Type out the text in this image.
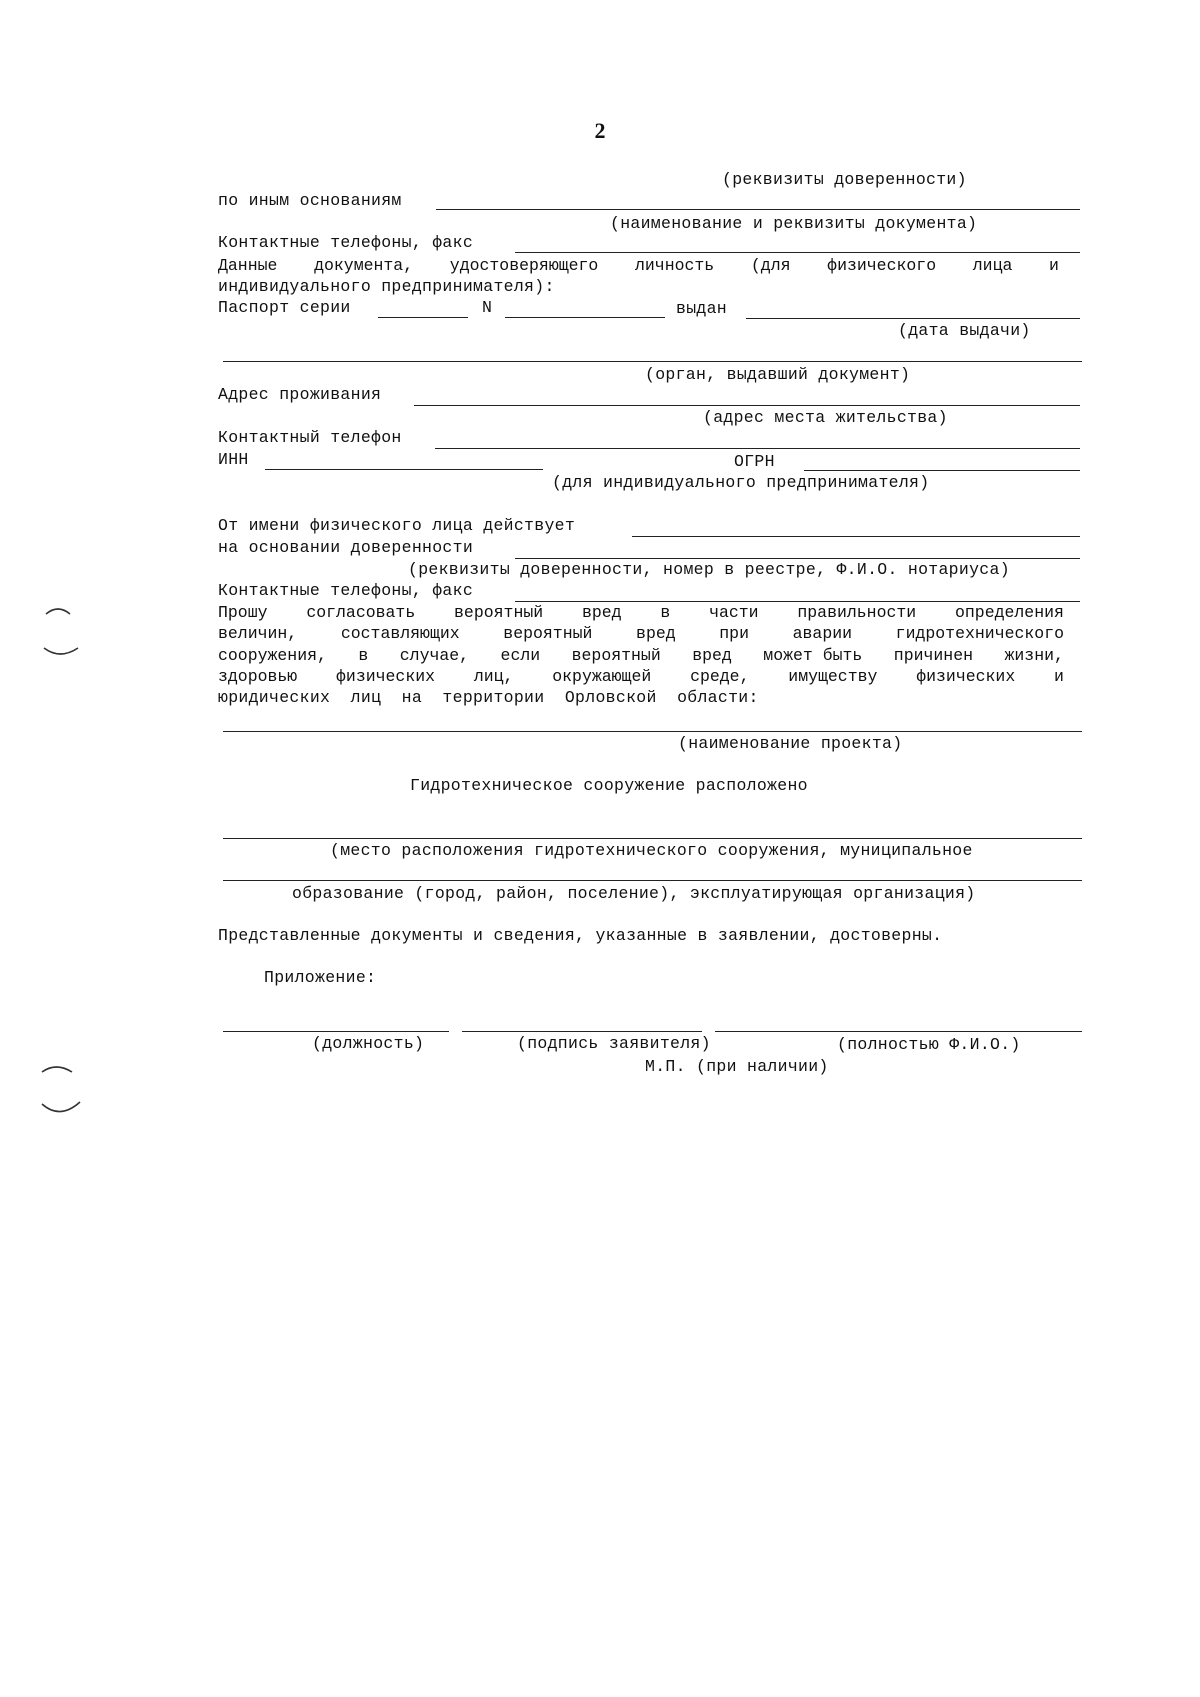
2
(реквизиты доверенности)
по иным основаниям
(наименование и реквизиты документа)
Контактные телефоны, факс
Данные документа, удостоверяющего личность (для физического лица и
индивидуального предпринимателя):
Паспорт серии	N	выдан
(дата выдачи)
(орган, выдавший документ)
Адрес проживания
(адрес места жительства)
Контактный телефон
ИНН	ОГРН
(для индивидуального предпринимателя)
От имени физического лица действует
на основании доверенности
(реквизиты доверенности, номер в реестре, Ф.И.О. нотариуса)
Контактные телефоны, факс
Прошу согласовать вероятный вред в части правильности определения
величин,	составляющих	вероятный	вред	при	аварии	гидротехнического
сооружения, в случае, если вероятный вред может быть причинен жизни,
здоровью физических лиц, окружающей среде, имуществу физических и
юридических  лиц  на  территории  Орловской  области:
(наименование проекта)
Гидротехническое сооружение расположено
(место расположения гидротехнического сооружения, муниципальное
образование (город, район, поселение), эксплуатирующая организация)
Представленные документы и сведения, указанные в заявлении, достоверны.
Приложение:
(должность)	(подпись заявителя)	(полностью Ф.И.О.)
М.П. (при наличии)
